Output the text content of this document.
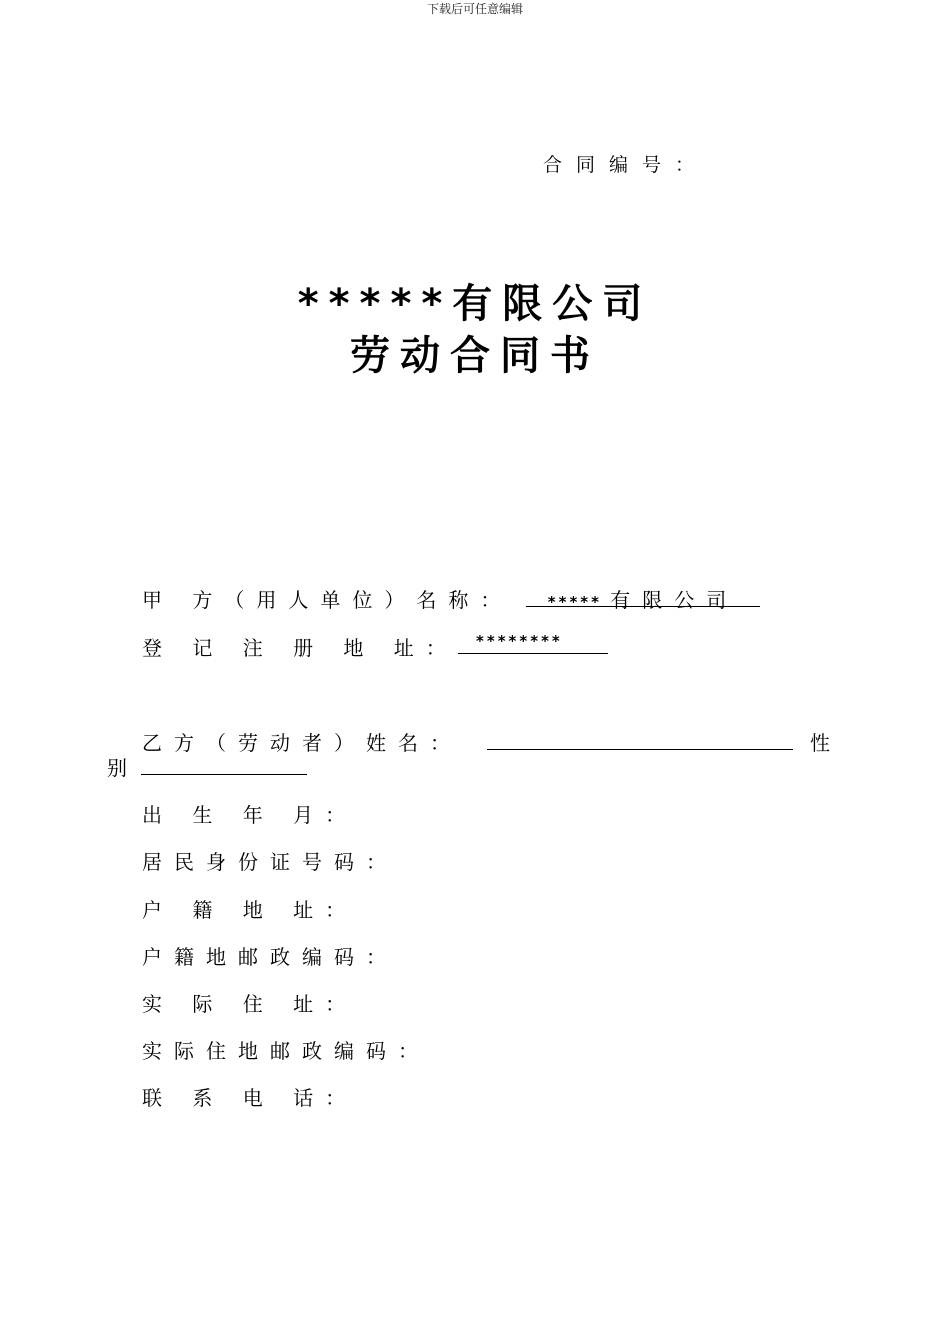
下载后可任意编辑
合同编号：
*****有限公司
劳动合同书
甲 方（用人单位）名称：	***** 有限公司
登 记 注 册 地 址：	********
乙方（劳动者）姓名：	性
别
出 生 年 月：
居民身份证号码：
户 籍 地 址：
户籍地邮政编码：
实 际 住 址：
实际住地邮政编码：
联 系 电 话：
